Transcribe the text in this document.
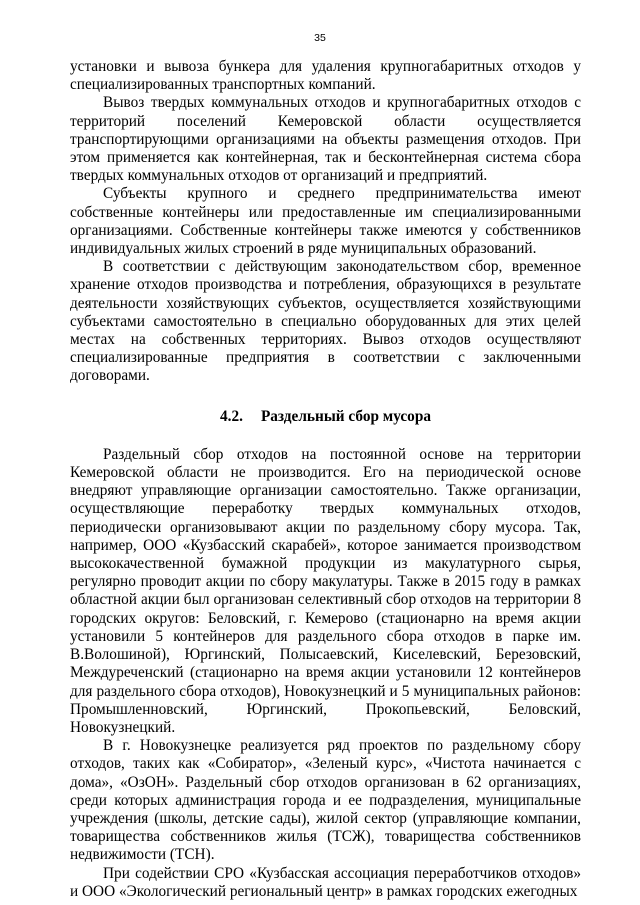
35

установки и вывоза бункера для удаления крупногабаритных отходов у специализированных транспортных компаний.

Вывоз твердых коммунальных отходов и крупногабаритных отходов с территорий поселений Кемеровской области осуществляется транспортирующими организациями на объекты размещения отходов. При этом применяется как контейнерная, так и бесконтейнерная система сбора твердых коммунальных отходов от организаций и предприятий.

Субъекты крупного и среднего предпринимательства имеют собственные контейнеры или предоставленные им специализированными организациями. Собственные контейнеры также имеются у собственников индивидуальных жилых строений в ряде муниципальных образований.

В соответствии с действующим законодательством сбор, временное хранение отходов производства и потребления, образующихся в результате деятельности хозяйствующих субъектов, осуществляется хозяйствующими субъектами самостоятельно в специально оборудованных для этих целей местах на собственных территориях. Вывоз отходов осуществляют специализированные предприятия в соответствии с заключенными договорами.

4.2. Раздельный сбор мусора

Раздельный сбор отходов на постоянной основе на территории Кемеровской области не производится. Его на периодической основе внедряют управляющие организации самостоятельно. Также организации, осуществляющие переработку твердых коммунальных отходов, периодически организовывают акции по раздельному сбору мусора. Так, например, ООО «Кузбасский скарабей», которое занимается производством высококачественной бумажной продукции из макулатурного сырья, регулярно проводит акции по сбору макулатуры. Также в 2015 году в рамках областной акции был организован селективный сбор отходов на территории 8 городских округов: Беловский, г. Кемерово (стационарно на время акции установили 5 контейнеров для раздельного сбора отходов в парке им. В.Волошиной), Юргинский, Полысаевский, Киселевский, Березовский, Междуреченский (стационарно на время акции установили 12 контейнеров для раздельного сбора отходов), Новокузнецкий и 5 муниципальных районов: Промышленновский, Юргинский, Прокопьевский, Беловский, Новокузнецкий.

В г. Новокузнецке реализуется ряд проектов по раздельному сбору отходов, таких как «Собиратор», «Зеленый курс», «Чистота начинается с дома», «ОзОН». Раздельный сбор отходов организован в 62 организациях, среди которых администрация города и ее подразделения, муниципальные учреждения (школы, детские сады), жилой сектор (управляющие компании, товарищества собственников жилья (ТСЖ), товарищества собственников недвижимости (ТСН).

При содействии СРО «Кузбасская ассоциация переработчиков отходов» и ООО «Экологический региональный центр» в рамках городских ежегодных
